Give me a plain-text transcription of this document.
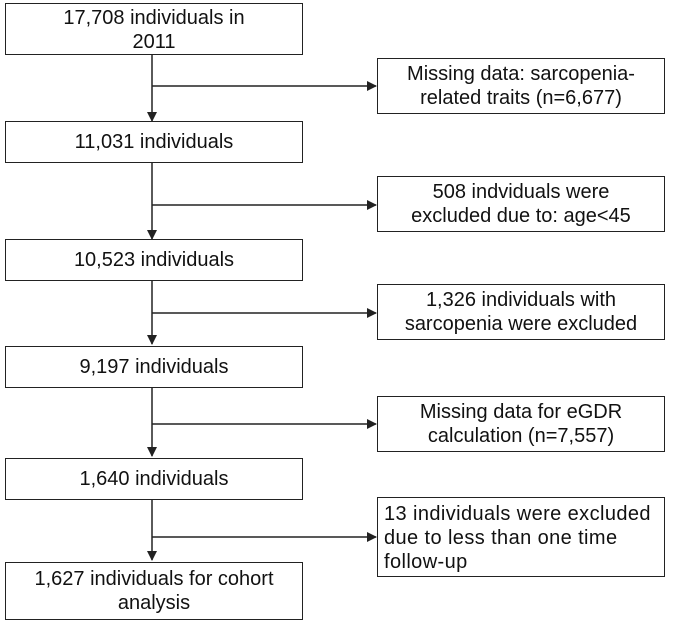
17,708 individuals in
2011
11,031 individuals
10,523 individuals
9,197 individuals
1,640 individuals
1,627 individuals for cohort
analysis
Missing data: sarcopenia-
related traits (n=6,677)
508 indviduals were
excluded due to: age<45
1,326 individuals with
sarcopenia were excluded
Missing data for eGDR
calculation (n=7,557)
13 individuals were excluded
due to less than one time
follow-up
